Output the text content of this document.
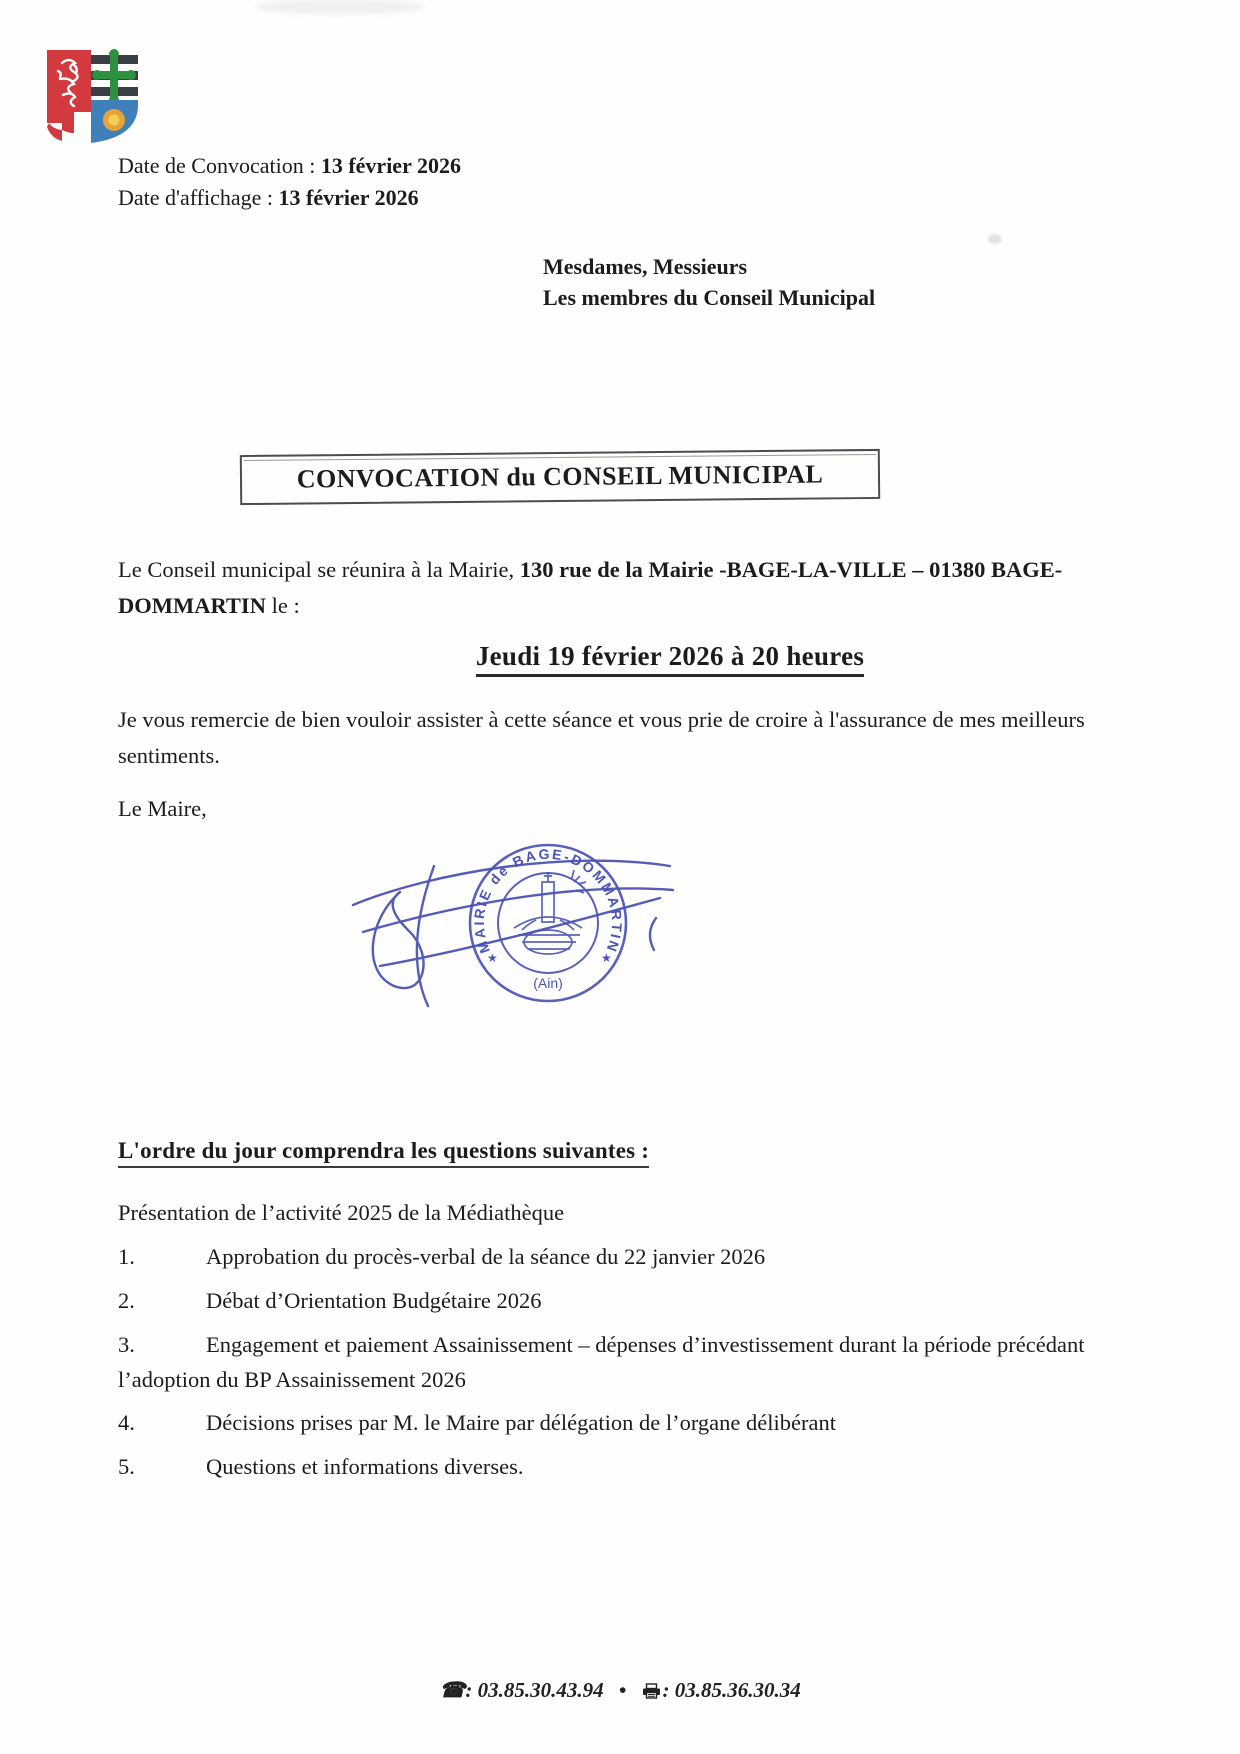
Date de Convocation : 13 février 2026
Date d'affichage : 13 février 2026
Mesdames, Messieurs
Les membres du Conseil Municipal
CONVOCATION du CONSEIL MUNICIPAL

Le Conseil municipal se réunira à la Mairie, 130 rue de la Mairie -BAGE-LA-VILLE – 01380 BAGE-DOMMARTIN le :

Jeudi 19 février 2026 à 20 heures

Je vous remercie de bien vouloir assister à cette séance et vous prie de croire à l'assurance de mes meilleurs sentiments.

Le Maire,
MAIRIE de BAGE-DOMMARTIN
(Ain)
★	★
L'ordre du jour comprendra les questions suivantes :
Présentation de l’activité 2025 de la Médiathèque
1.	Approbation du procès-verbal de la séance du 22 janvier 2026
2.	Débat d’Orientation Budgétaire 2026
3.	Engagement et paiement Assainissement – dépenses d’investissement durant la période précédant l’adoption du BP Assainissement 2026
4.	Décisions prises par M. le Maire par délégation de l’organe délibérant
5.	Questions et informations diverses.
☎: 03.85.30.43.94 • : 03.85.36.30.34
